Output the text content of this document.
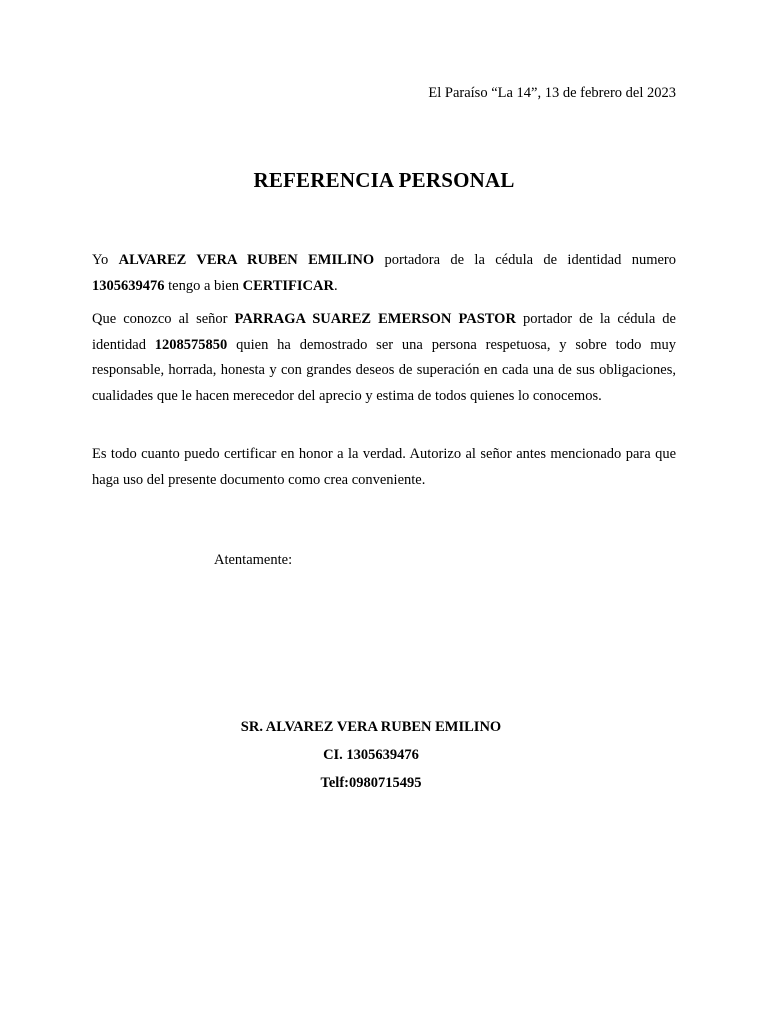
El Paraíso “La 14”, 13 de febrero del 2023
REFERENCIA PERSONAL

Yo ALVAREZ VERA RUBEN EMILINO portadora de la cédula de identidad numero 1305639476 tengo a bien CERTIFICAR.

Que conozco al señor PARRAGA SUAREZ EMERSON PASTOR portador de la cédula de identidad 1208575850 quien ha demostrado ser una persona respetuosa, y sobre todo muy responsable, horrada, honesta y con grandes deseos de superación en cada una de sus obligaciones, cualidades que le hacen merecedor del aprecio y estima de todos quienes lo conocemos.

Es todo cuanto puedo certificar en honor a la verdad. Autorizo al señor antes mencionado para que haga uso del presente documento como crea conveniente.

Atentamente:
SR. ALVAREZ VERA RUBEN EMILINO
CI. 1305639476
Telf:0980715495
